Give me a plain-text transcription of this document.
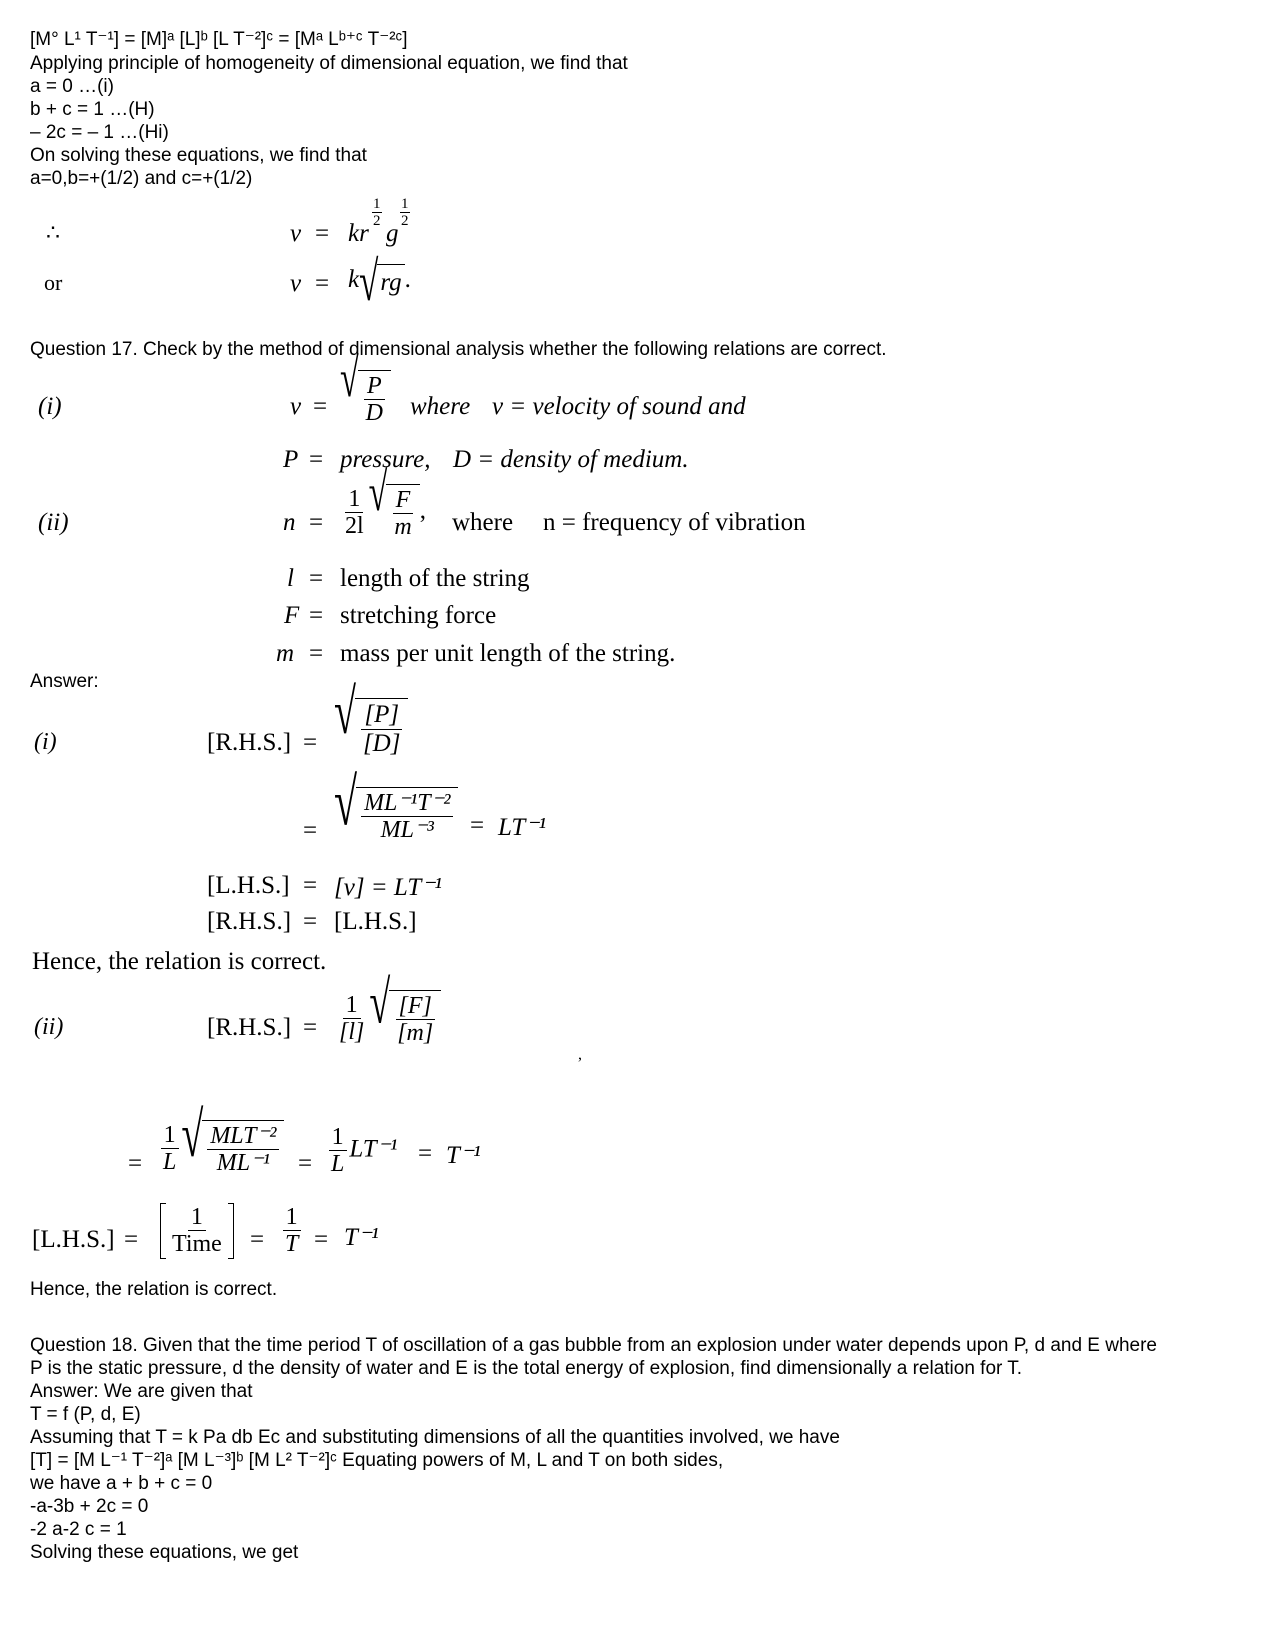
[M° L¹ T⁻¹] = [M]ᵃ [L]ᵇ [L T⁻²]ᶜ = [Mᵃ Lᵇ⁺ᶜ T⁻²ᶜ]
Applying principle of homogeneity of dimensional equation, we find that
a = 0 …(i)
b + c = 1 …(H)
– 2c = – 1 …(Hi)
On solving these equations, we find that
a=0,b=+(1/2) and c=+(1/2)
∴	v = kr
1
2 g
1
2
or	v = k √ rg .
Question 17. Check by the method of dimensional analysis whether the following relations are correct.
(i)	v = √ $\frac{P}{D}$ where v = velocity of sound and
P = pressure, D = density of medium.
(ii)	$n = \frac{1}{2l}$ √ $\frac{F}{m}$ , where n = frequency of vibration
l = length of the string
F = stretching force
m = mass per unit length of the string.
Answer:
(i)	[R.H.S.] = √ $\frac{[P]}{[D]}$
= √ $\frac{\text{ML⁻¹T⁻²}}{\text{ML⁻³}} = LT^{-1}$
[L.H.S.] = [v] = LT⁻¹
[R.H.S.] = [L.H.S.]
Hence, the relation is correct.
(ii)	$[R.H.S.] = \frac{1}{[l]}$ √ $\frac{[F]}{[m]}$
,
= $\frac{1}{L}$ √ $\frac{\text{MLT⁻²}}{\text{ML⁻¹}} = \frac{1}{L} LT^{-1} = T^{-1}$
$[L.H.S.] = \frac{1}{\text{Time}} = \frac{1}{T} = T^{-1}$
Hence, the relation is correct.
Question 18. Given that the time period T of oscillation of a gas bubble from an explosion under water depends upon P, d and E where
P is the static pressure, d the density of water and E is the total energy of explosion, find dimensionally a relation for T.
Answer: We are given that
T = f (P, d, E)
Assuming that T = k Pa db Ec and substituting dimensions of all the quantities involved, we have
[T] = [M L⁻¹ T⁻²]ᵃ [M L⁻³]ᵇ [M L² T⁻²]ᶜ Equating powers of M, L and T on both sides,
we have a + b + c = 0
-a-3b + 2c = 0
-2 a-2 c = 1
Solving these equations, we get
